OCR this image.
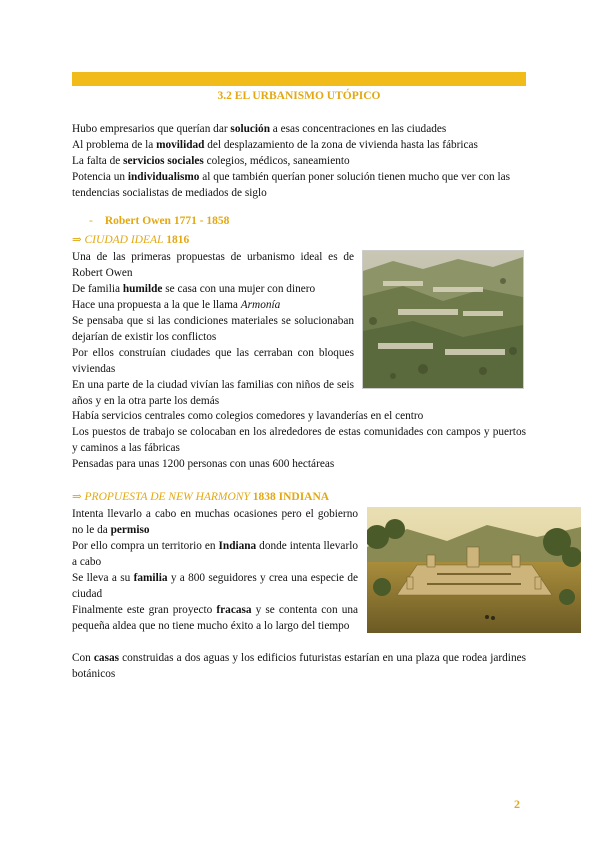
3.2 EL URBANISMO UTÓPICO

Hubo empresarios que querían dar solución a esas concentraciones en las ciudades

Al problema de la movilidad del desplazamiento de la zona de vivienda hasta las fábricas

La falta de servicios sociales colegios, médicos, saneamiento

Potencia un individualismo al que también querían poner solución tienen mucho que ver con las tendencias socialistas de mediados de siglo

- Robert Owen 1771 - 1858
⇒ CIUDAD IDEAL 1816

Una de las primeras propuestas de urbanismo ideal es de Robert Owen

De familia humilde se casa con una mujer con dinero

Hace una propuesta a la que le llama Armonía

Se pensaba que si las condiciones materiales se solucionaban dejarían de existir los conflictos

Por ellos construían ciudades que las cerraban con bloques viviendas

En una parte de la ciudad vivían las familias con niños de seis años y en la otra parte los demás

Había servicios centrales como colegios comedores y lavanderías en el centro

Los puestos de trabajo se colocaban en los alrededores de estas comunidades con campos y puertos y caminos a las fábricas

Pensadas para unas 1200 personas con unas 600 hectáreas

⇒ PROPUESTA DE NEW HARMONY 1838 INDIANA

Intenta llevarlo a cabo en muchas ocasiones pero el gobierno no le da permiso

Por ello compra un territorio en Indiana donde intenta llevarlo a cabo

Se lleva a su familia y a 800 seguidores y crea una especie de ciudad

Finalmente este gran proyecto fracasa y se contenta con una pequeña aldea que no tiene mucho éxito a lo largo del tiempo

Con casas construidas a dos aguas y los edificios futuristas estarían en una plaza que rodea jardines botánicos

2
